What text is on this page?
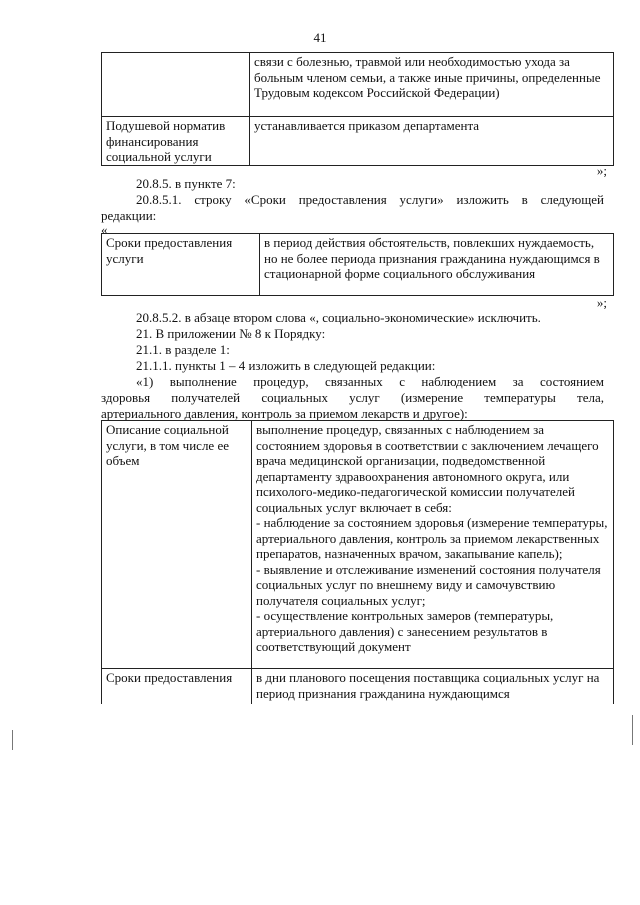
41
	связи с болезнью, травмой или необходимостью ухода за больным членом семьи, а также иные причины, определенные Трудовым кодексом Российской Федерации)
Подушевой норматив финансирования социальной услуги	устанавливается приказом департамента
»;
20.8.5. в пункте 7:
20.8.5.1. строку «Сроки предоставления услуги» изложить в следующей
редакции:
«
Сроки предоставления услуги	в период действия обстоятельств, повлекших нуждаемость, но не более периода признания гражданина нуждающимся в стационарной форме социального обслуживания
»;
20.8.5.2. в абзаце втором слова «, социально-экономические» исключить.
21. В приложении № 8 к Порядку:
21.1. в разделе 1:
21.1.1. пункты 1 – 4 изложить в следующей редакции:
«1) выполнение процедур, связанных с наблюдением за состоянием
здоровья получателей социальных услуг (измерение температуры тела,
артериального давления, контроль за приемом лекарств и другое):
Описание социальной услуги, в том числе ее объем	выполнение процедур, связанных с наблюдением за состоянием здоровья в соответствии с заключением лечащего врача медицинской организации, подведомственной департаменту здравоохранения автономного округа, или психолого-медико-педагогической комиссии получателей социальных услуг включает в себя:
- наблюдение за состоянием здоровья (измерение температуры, артериального давления, контроль за приемом лекарственных препаратов, назначенных врачом, закапывание капель);
- выявление и отслеживание изменений состояния получателя социальных услуг по внешнему виду и самочувствию получателя социальных услуг;
- осуществление контрольных замеров (температуры, артериального давления) с занесением результатов в соответствующий документ
Сроки предоставления	в дни планового посещения поставщика социальных услуг на период признания гражданина нуждающимся
